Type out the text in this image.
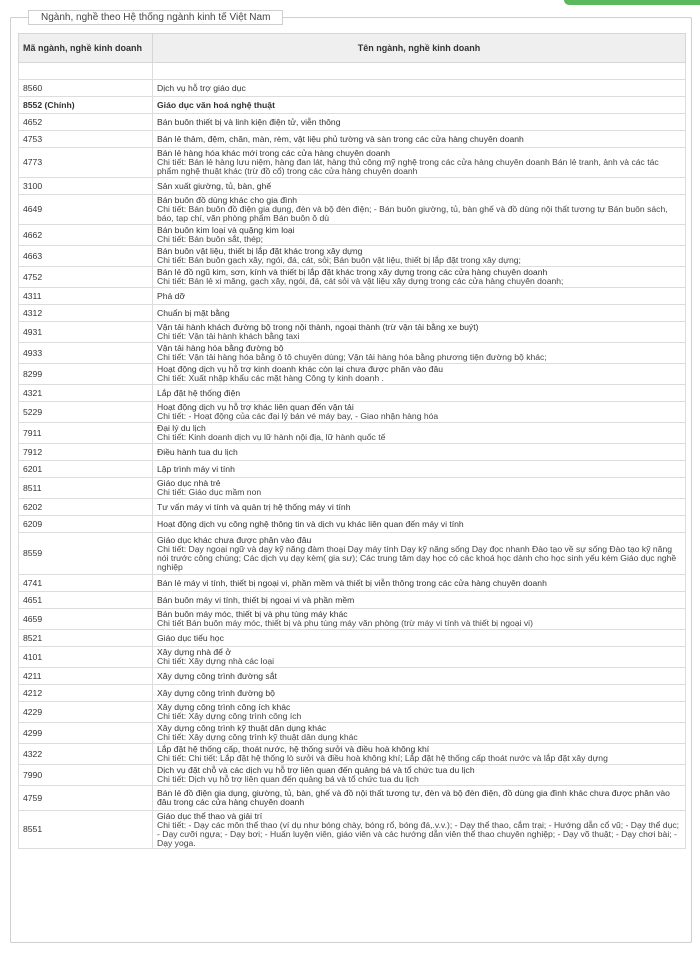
Ngành, nghề theo Hệ thống ngành kinh tế Việt Nam
Mã ngành, nghề kinh doanh	Tên ngành, nghề kinh doanh

8560	Dịch vụ hỗ trợ giáo dục

8552 (Chính)	Giáo dục văn hoá nghệ thuật

4652	Bán buôn thiết bị và linh kiện điện tử, viễn thông

4753	Bán lẻ thảm, đệm, chăn, màn, rèm, vật liệu phủ tường và sàn trong các cửa hàng chuyên doanh

4773	Bán lẻ hàng hóa khác mới trong các cửa hàng chuyên doanh
Chi tiết: Bán lẻ hàng lưu niệm, hàng đan lát, hàng thủ công mỹ nghệ trong các cửa hàng chuyên doanh Bán lẻ tranh, ảnh và các tác phẩm nghệ thuật khác (trừ đồ cổ) trong các cửa hàng chuyên doanh

3100	Sản xuất giường, tủ, bàn, ghế

4649	Bán buôn đồ dùng khác cho gia đình
Chi tiết: Bán buôn đồ điện gia dụng, đèn và bộ đèn điện; - Bán buôn giường, tủ, bàn ghế và đồ dùng nội thất tương tự Bán buôn sách, báo, tạp chí, văn phòng phẩm Bán buôn ô dù

4662	Bán buôn kim loại và quặng kim loại
Chi tiết: Bán buôn sắt, thép;

4663	Bán buôn vật liệu, thiết bị lắp đặt khác trong xây dựng
Chi tiết: Bán buôn gạch xây, ngói, đá, cát, sỏi; Bán buôn vật liệu, thiết bị lắp đặt trong xây dựng;

4752	Bán lẻ đồ ngũ kim, sơn, kính và thiết bị lắp đặt khác trong xây dựng trong các cửa hàng chuyên doanh
Chi tiết: Bán lẻ xi măng, gạch xây, ngói, đá, cát sỏi và vật liệu xây dựng trong các cửa hàng chuyên doanh;

4311	Phá dỡ

4312	Chuẩn bị mặt bằng

4931	Vận tải hành khách đường bộ trong nội thành, ngoại thành (trừ vận tải bằng xe buýt)
Chi tiết: Vận tải hành khách bằng taxi

4933	Vận tải hàng hóa bằng đường bộ
Chi tiết: Vận tải hàng hóa bằng ô tô chuyên dùng; Vận tải hàng hóa bằng phương tiện đường bộ khác;

8299	Hoạt động dịch vụ hỗ trợ kinh doanh khác còn lại chưa được phân vào đâu
Chi tiết: Xuất nhập khẩu các mặt hàng Công ty kinh doanh .

4321	Lắp đặt hệ thống điện

5229	Hoạt động dịch vụ hỗ trợ khác liên quan đến vận tải
Chi tiết: - Hoạt động của các đại lý bán vé máy bay, - Giao nhận hàng hóa

7911	Đại lý du lịch
Chi tiết: Kinh doanh dịch vụ lữ hành nội địa, lữ hành quốc tế

7912	Điều hành tua du lịch

6201	Lập trình máy vi tính

8511	Giáo dục nhà trẻ
Chi tiết: Giáo dục mầm non

6202	Tư vấn máy vi tính và quản trị hệ thống máy vi tính

6209	Hoạt động dịch vụ công nghệ thông tin và dịch vụ khác liên quan đến máy vi tính

8559	Giáo dục khác chưa được phân vào đâu
Chi tiết: Dạy ngoại ngữ và dạy kỹ năng đàm thoại Dạy máy tính Dạy kỹ năng sống Dạy đọc nhanh Đào tạo về sự sống Đào tạo kỹ năng nói trước công chúng; Các dịch vụ dạy kèm( gia sư); Các trung tâm dạy học có các khoá học dành cho học sinh yếu kém Giáo dục nghề nghiệp

4741	Bán lẻ máy vi tính, thiết bị ngoại vi, phần mềm và thiết bị viễn thông trong các cửa hàng chuyên doanh

4651	Bán buôn máy vi tính, thiết bị ngoại vi và phần mềm

4659	Bán buôn máy móc, thiết bị và phụ tùng máy khác
Chi tiết Bán buôn máy móc, thiết bị và phụ tùng máy văn phòng (trừ máy vi tính và thiết bị ngoại vi)

8521	Giáo dục tiểu học

4101	Xây dựng nhà để ở
Chi tiết: Xây dựng nhà các loại

4211	Xây dựng công trình đường sắt

4212	Xây dựng công trình đường bộ

4229	Xây dựng công trình công ích khác
Chi tiết: Xây dựng công trình công ích

4299	Xây dựng công trình kỹ thuật dân dụng khác
Chi tiết: Xây dựng công trình kỹ thuật dân dụng khác

4322	Lắp đặt hệ thống cấp, thoát nước, hệ thống sưởi và điều hoà không khí
Chi tiết: Chi tiết: Lắp đặt hệ thống lò sưởi và điều hoà không khí; Lắp đặt hệ thống cấp thoát nước và lắp đặt xây dựng

7990	Dịch vụ đặt chỗ và các dịch vụ hỗ trợ liên quan đến quảng bá và tổ chức tua du lịch
Chi tiết: Dịch vụ hỗ trợ liên quan đến quảng bá và tổ chức tua du lịch

4759	Bán lẻ đồ điện gia dụng, giường, tủ, bàn, ghế và đồ nội thất tương tự, đèn và bộ đèn điện, đồ dùng gia đình khác chưa được phân vào đâu trong các cửa hàng chuyên doanh

8551	Giáo dục thể thao và giải trí
Chi tiết: - Dạy các môn thể thao (ví dụ như bóng chày, bóng rổ, bóng đá,.v.v.); - Dạy thể thao, cắm trại; - Hướng dẫn cổ vũ; - Dạy thể dục; - Dạy cưỡi ngựa; - Dạy bơi; - Huấn luyện viên, giáo viên và các hướng dẫn viên thể thao chuyên nghiệp; - Dạy võ thuật; - Dạy chơi bài; - Dạy yoga.
